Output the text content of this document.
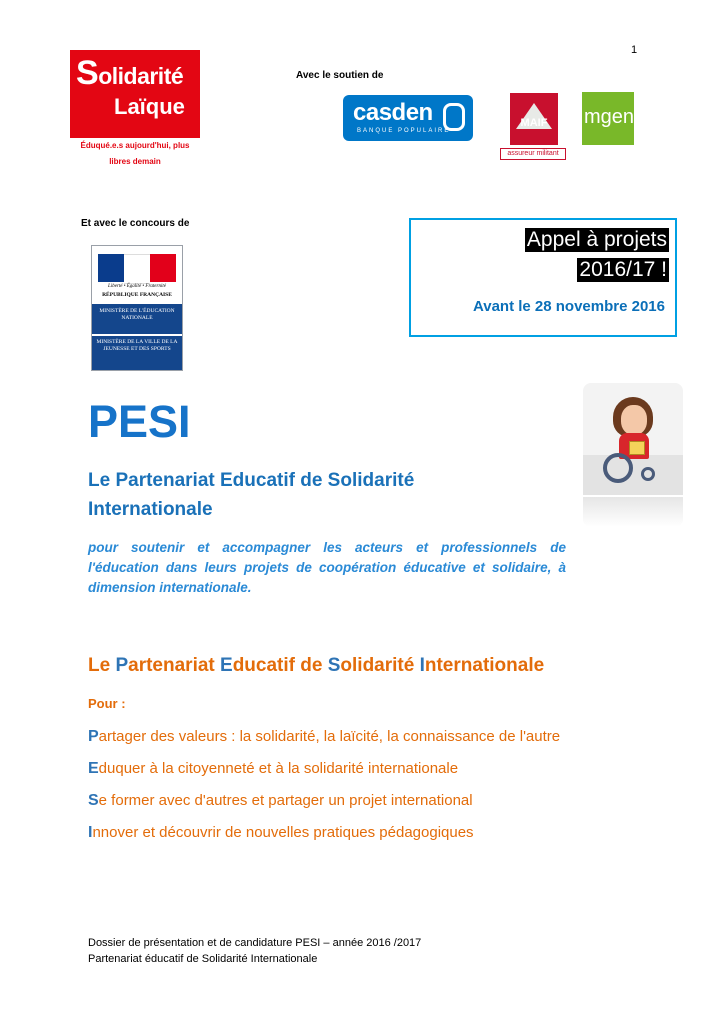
1
Solidarité
Laïque
Éduqué.e.s aujourd'hui, plus libres demain
Avec le soutien de
casden
BANQUE POPULAIRE
MAIF
assureur militant
mgen
Et avec le concours de
Liberté • Égalité • Fraternité
RÉPUBLIQUE FRANÇAISE
MINISTÈRE DE L'ÉDUCATION NATIONALE
MINISTÈRE DE LA VILLE DE LA JEUNESSE ET DES SPORTS
Appel à projets
2016/17 !
Avant le 28 novembre 2016
PESI
Le Partenariat Educatif de Solidarité Internationale
pour soutenir et accompagner les acteurs et professionnels de l'éducation dans leurs projets de coopération éducative et solidaire, à dimension internationale.
Le Partenariat Educatif de Solidarité Internationale
Pour :
Partager des valeurs : la solidarité, la laïcité, la connaissance de l'autre
Eduquer à la citoyenneté et à la solidarité internationale
Se former avec d'autres et partager un projet international
Innover et découvrir de nouvelles pratiques pédagogiques
Dossier de présentation et de candidature PESI – année 2016 /2017
Partenariat éducatif de Solidarité Internationale
